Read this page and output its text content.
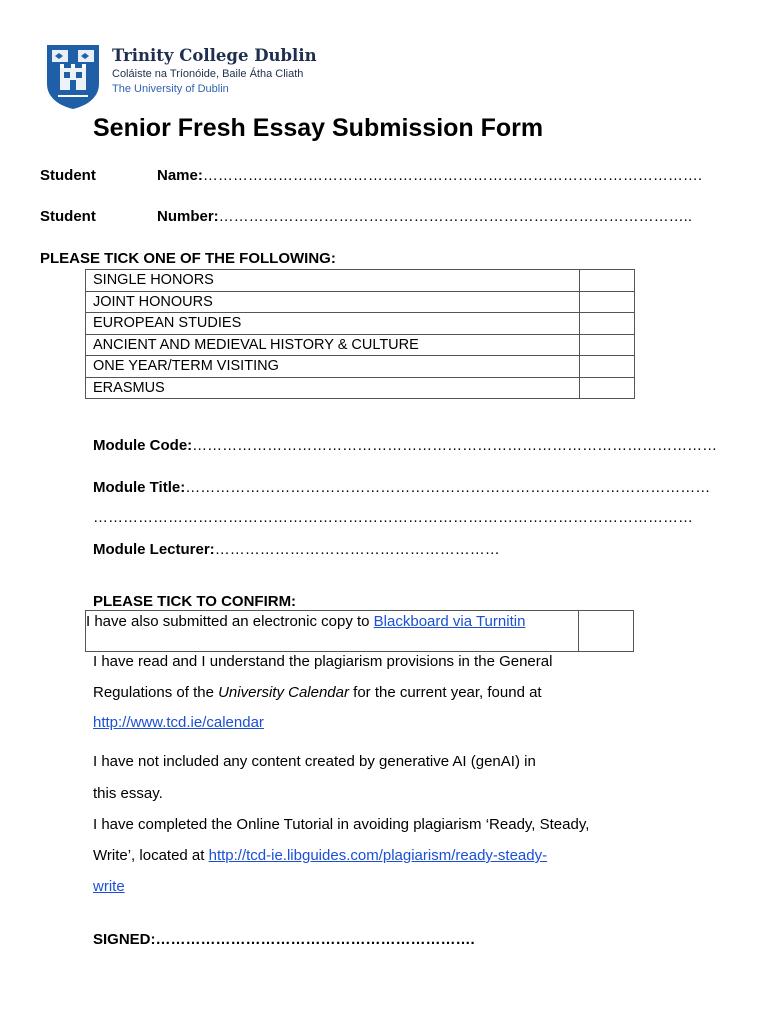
Trinity College Dublin
Coláiste na Tríonóide, Baile Átha Cliath
The University of Dublin
Senior Fresh Essay Submission Form
Student	Name:……………………………………………………………………………………….
Student	Number:…………………………………………………………………………………..
PLEASE TICK ONE OF THE FOLLOWING:
SINGLE HONORS	
JOINT HONOURS	
EUROPEAN STUDIES	
ANCIENT AND MEDIEVAL HISTORY & CULTURE	
ONE YEAR/TERM VISITING	
ERASMUS	
Module Code:……………………………………………………………………………………………
Module Title:……………………………………………………………………………………………
…………………………………………………………………………………………………………
Module Lecturer:…………………………………………………
PLEASE TICK TO CONFIRM:
I have also submitted an electronic copy to Blackboard via Turnitin
I have read and I understand the plagiarism provisions in the General
Regulations of the University Calendar for the current year, found at
http://www.tcd.ie/calendar
I have not included any content created by generative AI (genAI) in
this essay.
I have completed the Online Tutorial in avoiding plagiarism ‘Ready, Steady,
Write’, located at http://tcd-ie.libguides.com/plagiarism/ready-steady-
write
SIGNED:……………………………………………………….
